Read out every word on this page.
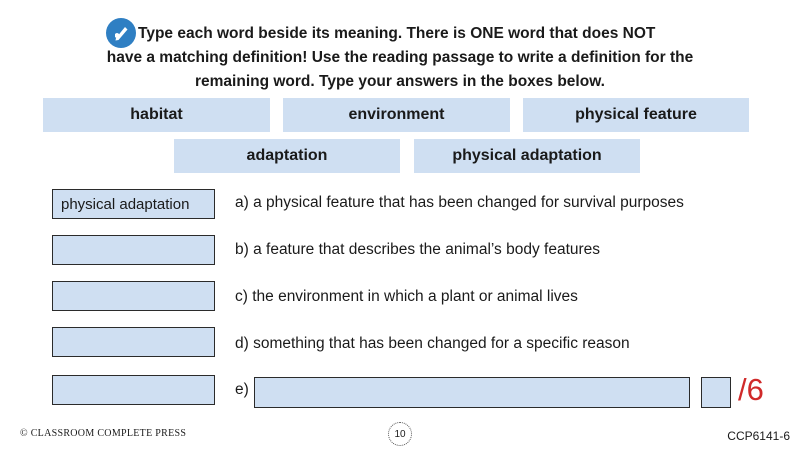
Type each word beside its meaning. There is ONE word that does NOT
have a matching definition! Use the reading passage to write a definition for the
remaining word. Type your answers in the boxes below.
habitat	environment	physical feature
adaptation	physical adaptation
physical adaptation	a) a physical feature that has been changed for survival purposes
b) a feature that describes the animal’s body features
c) the environment in which a plant or animal lives
d) something that has been changed for a specific reason
e)	/6
© CLASSROOM COMPLETE PRESS	10	CCP6141-6
